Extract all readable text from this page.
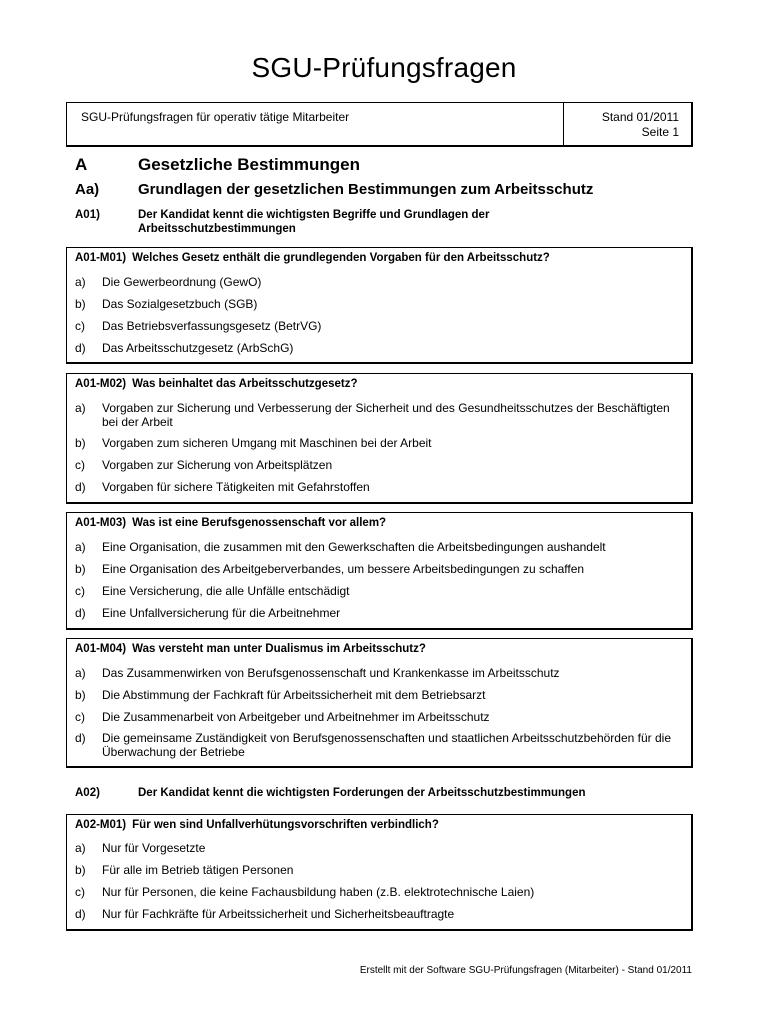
SGU-Prüfungsfragen
SGU-Prüfungsfragen für operativ tätige Mitarbeiter	Stand 01/2011
Seite 1
A	Gesetzliche Bestimmungen
Aa)	Grundlagen der gesetzlichen Bestimmungen zum Arbeitsschutz
A01)	Der Kandidat kennt die wichtigsten Begriffe und Grundlagen der Arbeitsschutzbestimmungen
A01-M01) Welches Gesetz enthält die grundlegenden Vorgaben für den Arbeitsschutz?
a) Die Gewerbeordnung (GewO)
b) Das Sozialgesetzbuch (SGB)
c) Das Betriebsverfassungsgesetz (BetrVG)
d) Das Arbeitsschutzgesetz (ArbSchG)
A01-M02) Was beinhaltet das Arbeitsschutzgesetz?
a) Vorgaben zur Sicherung und Verbesserung der Sicherheit und des Gesundheitsschutzes der Beschäftigten bei der Arbeit
b) Vorgaben zum sicheren Umgang mit Maschinen bei der Arbeit
c) Vorgaben zur Sicherung von Arbeitsplätzen
d) Vorgaben für sichere Tätigkeiten mit Gefahrstoffen
A01-M03) Was ist eine Berufsgenossenschaft vor allem?
a) Eine Organisation, die zusammen mit den Gewerkschaften die Arbeitsbedingungen aushandelt
b) Eine Organisation des Arbeitgeberverbandes, um bessere Arbeitsbedingungen zu schaffen
c) Eine Versicherung, die alle Unfälle entschädigt
d) Eine Unfallversicherung für die Arbeitnehmer
A01-M04) Was versteht man unter Dualismus im Arbeitsschutz?
a) Das Zusammenwirken von Berufsgenossenschaft und Krankenkasse im Arbeitsschutz
b) Die Abstimmung der Fachkraft für Arbeitssicherheit mit dem Betriebsarzt
c) Die Zusammenarbeit von Arbeitgeber und Arbeitnehmer im Arbeitsschutz
d) Die gemeinsame Zuständigkeit von Berufsgenossenschaften und staatlichen Arbeitsschutzbehörden für die Überwachung der Betriebe
A02)	Der Kandidat kennt die wichtigsten Forderungen der Arbeitsschutzbestimmungen
A02-M01) Für wen sind Unfallverhütungsvorschriften verbindlich?
a) Nur für Vorgesetzte
b) Für alle im Betrieb tätigen Personen
c) Nur für Personen, die keine Fachausbildung haben (z.B. elektrotechnische Laien)
d) Nur für Fachkräfte für Arbeitssicherheit und Sicherheitsbeauftragte
Erstellt mit der Software SGU-Prüfungsfragen (Mitarbeiter) - Stand 01/2011
